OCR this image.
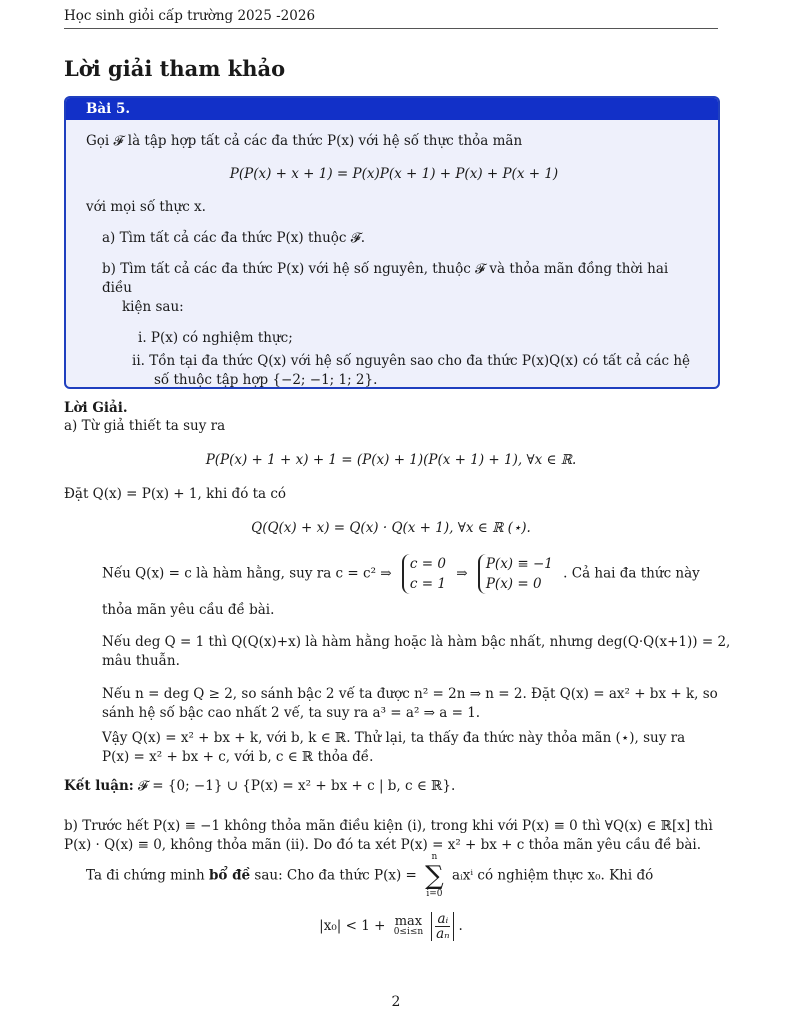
Học sinh giỏi cấp trường 2025 -2026
Lời giải tham khảo
Bài 5.
Gọi 𝓕 là tập hợp tất cả các đa thức P(x) với hệ số thực thỏa mãn
P(P(x) + x + 1) = P(x)P(x + 1) + P(x) + P(x + 1)
với mọi số thực x.
a) Tìm tất cả các đa thức P(x) thuộc 𝓕.
b) Tìm tất cả các đa thức P(x) với hệ số nguyên, thuộc 𝓕 và thỏa mãn đồng thời hai điều
kiện sau:
i. P(x) có nghiệm thực;
ii. Tồn tại đa thức Q(x) với hệ số nguyên sao cho đa thức P(x)Q(x) có tất cả các hệ
số thuộc tập hợp {−2; −1; 1; 2}.
Lời Giải.
a) Từ giả thiết ta suy ra
P(P(x) + 1 + x) + 1 = (P(x) + 1)(P(x + 1) + 1), ∀x ∈ ℝ.
Đặt Q(x) = P(x) + 1, khi đó ta có
Q(Q(x) + x) = Q(x) · Q(x + 1), ∀x ∈ ℝ (⋆).
Nếu Q(x) = c là hàm hằng, suy ra c = c² ⇒
c = 0
c = 1
⇒
P(x) ≡ −1
P(x) = 0
. Cả hai đa thức này
thỏa mãn yêu cầu đề bài.
Nếu deg Q = 1 thì Q(Q(x)+x) là hàm hằng hoặc là hàm bậc nhất, nhưng deg(Q·Q(x+1)) = 2,
mâu thuẫn.
Nếu n = deg Q ≥ 2, so sánh bậc 2 vế ta được n² = 2n ⇒ n = 2. Đặt Q(x) = ax² + bx + k, so
sánh hệ số bậc cao nhất 2 vế, ta suy ra a³ = a² ⇒ a = 1.
Vậy Q(x) = x² + bx + k, với b, k ∈ ℝ. Thử lại, ta thấy đa thức này thỏa mãn (⋆), suy ra
P(x) = x² + bx + c, với b, c ∈ ℝ thỏa đề.
Kết luận: 𝓕 = {0; −1} ∪ {P(x) = x² + bx + c | b, c ∈ ℝ}.
b) Trước hết P(x) ≡ −1 không thỏa mãn điều kiện (i), trong khi với P(x) ≡ 0 thì ∀Q(x) ∈ ℝ[x] thì
P(x) · Q(x) ≡ 0, không thỏa mãn (ii). Do đó ta xét P(x) = x² + bx + c thỏa mãn yêu cầu đề bài.
Ta đi chứng minh bổ đề sau: Cho đa thức P(x) =
n
∑
i=0
aᵢxⁱ có nghiệm thực x₀. Khi đó
|x₀| < 1 + max
0≤i≤n
$\frac{\text{aᵢ}}{\text{aₙ}}$ .
2
